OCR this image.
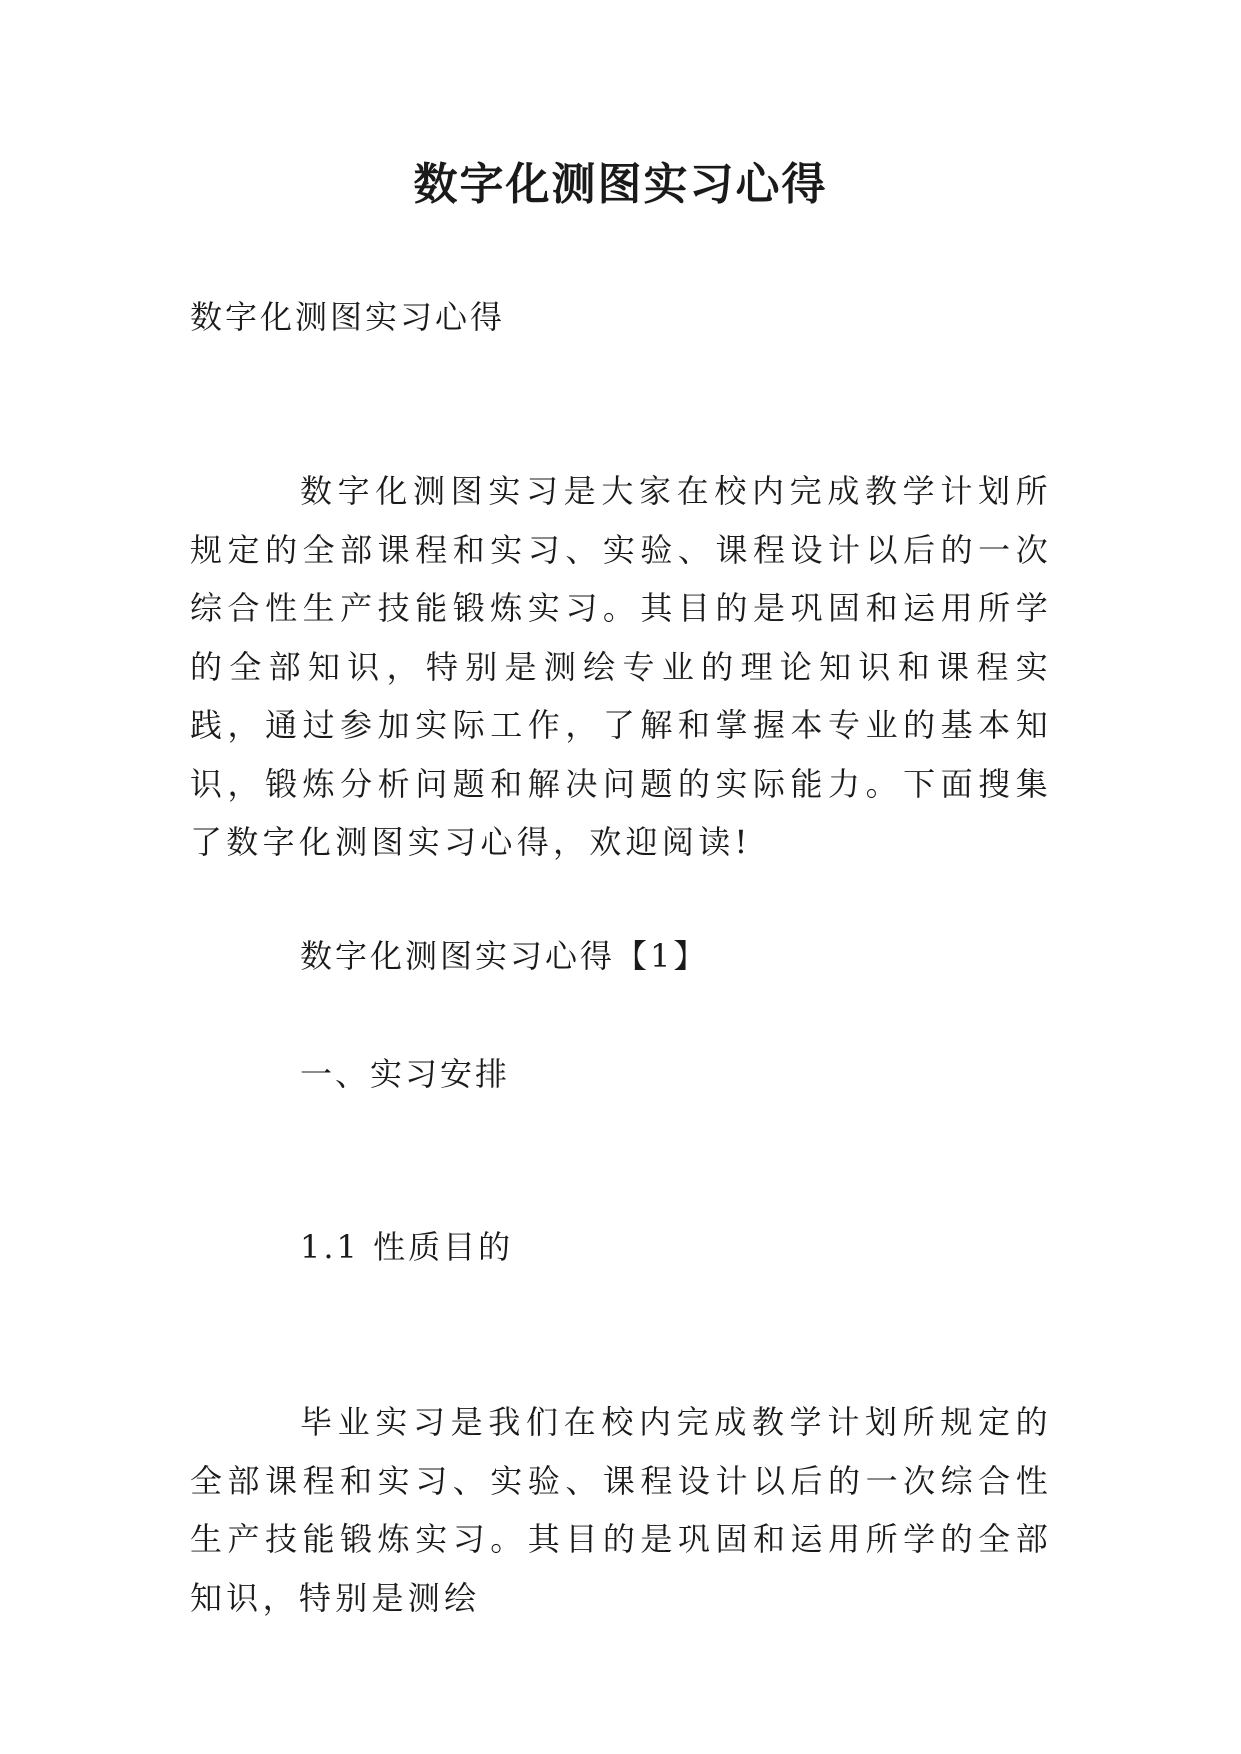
数字化测图实习心得

数字化测图实习心得

数字化测图实习是大家在校内完成教学计划所规定的全部课程和实习、实验、课程设计以后的一次综合性生产技能锻炼实习。其目的是巩固和运用所学的全部知识，特别是测绘专业的理论知识和课程实践，通过参加实际工作，了解和掌握本专业的基本知识，锻炼分析问题和解决问题的实际能力。下面搜集了数字化测图实习心得，欢迎阅读!

数字化测图实习心得【1】

一、实习安排

1.1 性质目的

毕业实习是我们在校内完成教学计划所规定的全部课程和实习、实验、课程设计以后的一次综合性生产技能锻炼实习。其目的是巩固和运用所学的全部知识，特别是测绘
